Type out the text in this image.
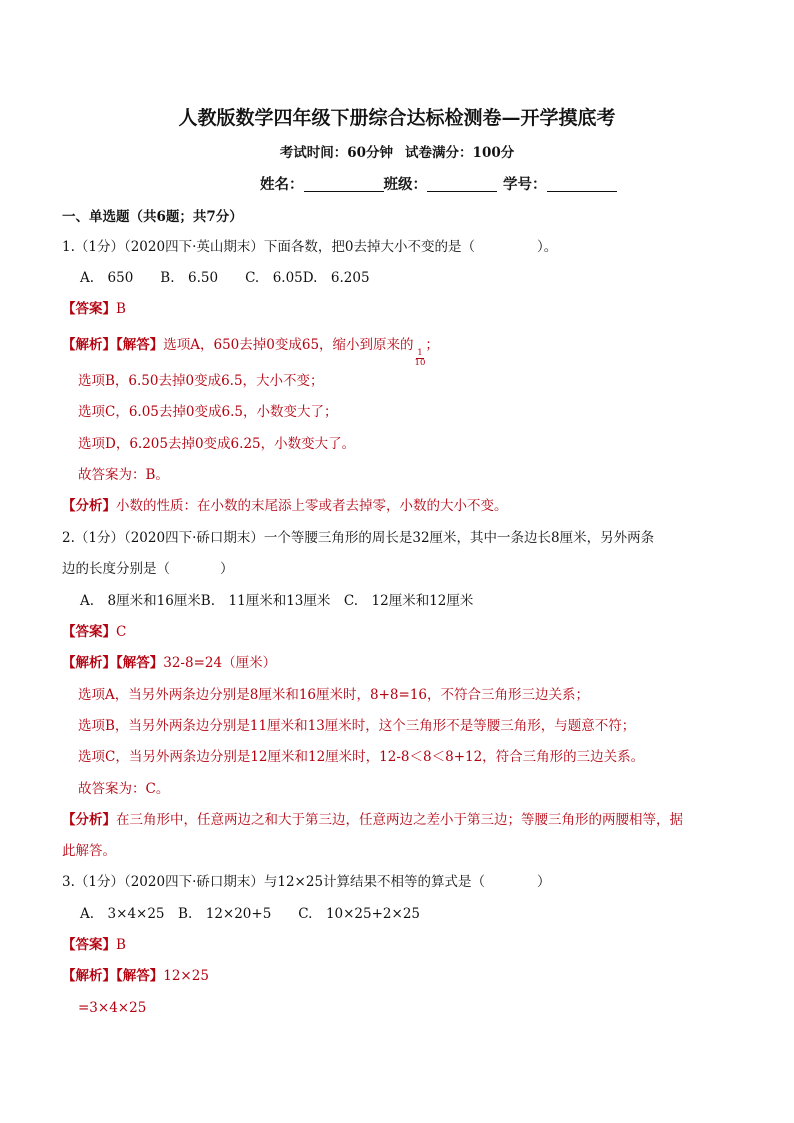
人教版数学四年级下册综合达标检测卷—开学摸底考
考试时间：60分钟 试卷满分：100分
姓名：	班级：	学号：
一、单选题（共6题；共7分）
1.（1分）（2020四下·英山期末）下面各数，把0去掉大小不变的是（	）。
A.　650　　B.　6.50　　C.　6.05D.　6.205
【答案】B
【解析】【解答】选项A，650去掉0变成65，缩小到原来的
$\frac{1}{10}$
；
选项B，6.50去掉0变成6.5，大小不变；
选项C，6.05去掉0变成6.5，小数变大了；
选项D，6.205去掉0变成6.25，小数变大了。
故答案为：B。
【分析】小数的性质：在小数的末尾添上零或者去掉零，小数的大小不变。
2.（1分）（2020四下·硚口期末）一个等腰三角形的周长是32厘米，其中一条边长8厘米，另外两条
边的长度分别是（	）
A.　8厘米和16厘米B.　11厘米和13厘米　C.　12厘米和12厘米
【答案】C
【解析】【解答】32-8=24（厘米）
选项A，当另外两条边分别是8厘米和16厘米时，8+8=16，不符合三角形三边关系；
选项B，当另外两条边分别是11厘米和13厘米时，这个三角形不是等腰三角形，与题意不符；
选项C，当另外两条边分别是12厘米和12厘米时，12-8＜8＜8+12，符合三角形的三边关系。
故答案为：C。
【分析】在三角形中，任意两边之和大于第三边，任意两边之差小于第三边；等腰三角形的两腰相等，据
此解答。
3.（1分）（2020四下·硚口期末）与12×25计算结果不相等的算式是（	）
A.　3×4×25　B.　12×20+5　　C.　10×25+2×25
【答案】B
【解析】【解答】12×25
=3×4×25
